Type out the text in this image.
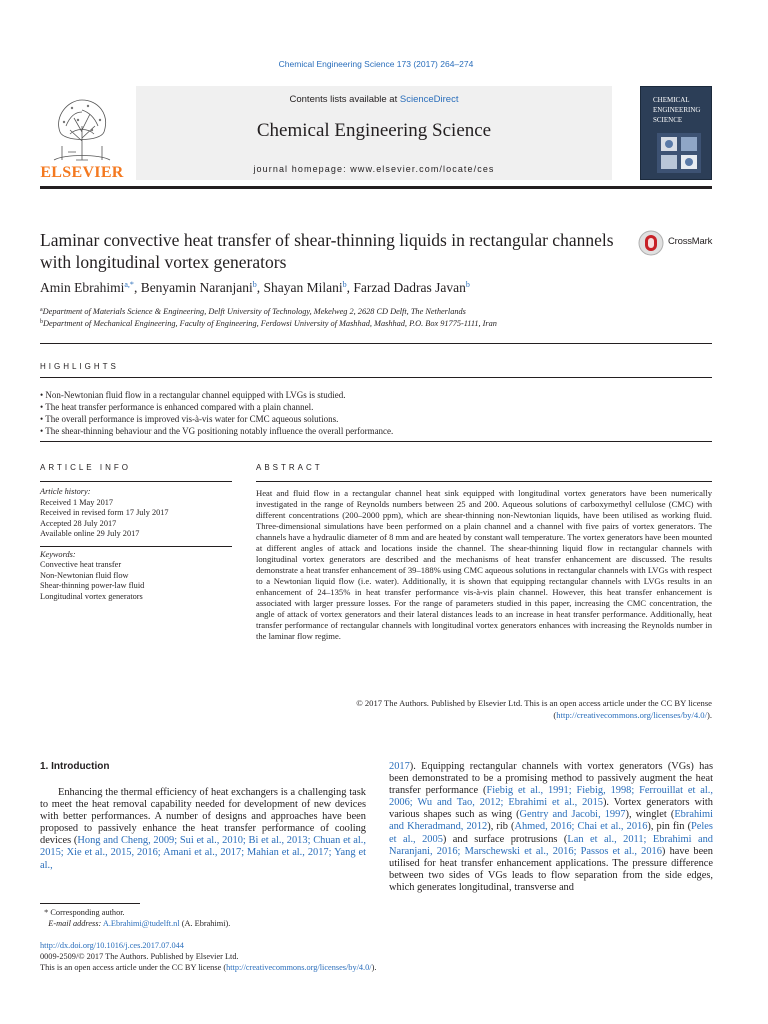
Chemical Engineering Science 173 (2017) 264–274
ELSEVIER
Contents lists available at ScienceDirect
Chemical Engineering Science
journal homepage: www.elsevier.com/locate/ces
CHEMICAL ENGINEERING SCIENCE
Laminar convective heat transfer of shear-thinning liquids in rectangular channels with longitudinal vortex generators
CrossMark
Amin Ebrahimi$^{a,*}$, Benyamin Naranjani$^b$, Shayan Milani$^b$, Farzad Dadras Javan$^b$
$^a$Department of Materials Science & Engineering, Delft University of Technology, Mekelweg 2, 2628 CD Delft, The Netherlands
$^b$Department of Mechanical Engineering, Faculty of Engineering, Ferdowsi University of Mashhad, Mashhad, P.O. Box 91775-1111, Iran
HIGHLIGHTS
• Non-Newtonian fluid flow in a rectangular channel equipped with LVGs is studied.
• The heat transfer performance is enhanced compared with a plain channel.
• The overall performance is improved vis-à-vis water for CMC aqueous solutions.
• The shear-thinning behaviour and the VG positioning notably influence the overall performance.
ARTICLE INFO	ABSTRACT
Article history:
Received 1 May 2017
Received in revised form 17 July 2017
Accepted 28 July 2017
Available online 29 July 2017
Keywords:
Convective heat transfer
Non-Newtonian fluid flow
Shear-thinning power-law fluid
Longitudinal vortex generators
Heat and fluid flow in a rectangular channel heat sink equipped with longitudinal vortex generators have been numerically investigated in the range of Reynolds numbers between 25 and 200. Aqueous solutions of carboxymethyl cellulose (CMC) with different concentrations (200–2000 ppm), which are shear-thinning non-Newtonian liquids, have been utilised as working fluid. Three-dimensional simulations have been performed on a plain channel and a channel with five pairs of vortex generators. The channels have a hydraulic diameter of 8 mm and are heated by constant wall temperature. The vortex generators have been mounted at different angles of attack and locations inside the channel. The shear-thinning liquid flow in rectangular channels with longitudinal vortex generators are described and the mechanisms of heat transfer enhancement are discussed. The results demonstrate a heat transfer enhancement of 39–188% using CMC aqueous solutions in rectangular channels with LVGs with respect to a Newtonian liquid flow (i.e. water). Additionally, it is shown that equipping rectangular channels with LVGs results in an enhancement of 24–135% in heat transfer performance vis-à-vis plain channel. However, this heat transfer enhancement is associated with larger pressure losses. For the range of parameters studied in this paper, increasing the CMC concentration, the angle of attack of vortex generators and their lateral distances leads to an increase in heat transfer performance. Additionally, heat transfer performance of rectangular channels with longitudinal vortex generators enhances with increasing the Reynolds number in the laminar flow regime.
© 2017 The Authors. Published by Elsevier Ltd. This is an open access article under the CC BY license (http://creativecommons.org/licenses/by/4.0/).
1. Introduction
Enhancing the thermal efficiency of heat exchangers is a challenging task to meet the heat removal capability needed for development of new devices with better performances. A number of designs and approaches have been proposed to passively enhance the heat transfer performance of cooling devices (Hong and Cheng, 2009; Sui et al., 2010; Bi et al., 2013; Chuan et al., 2015; Xie et al., 2015, 2016; Amani et al., 2017; Mahian et al., 2017; Yang et al.,
2017). Equipping rectangular channels with vortex generators (VGs) has been demonstrated to be a promising method to passively augment the heat transfer performance (Fiebig et al., 1991; Fiebig, 1998; Ferrouillat et al., 2006; Wu and Tao, 2012; Ebrahimi et al., 2015). Vortex generators with various shapes such as wing (Gentry and Jacobi, 1997), winglet (Ebrahimi and Kheradmand, 2012), rib (Ahmed, 2016; Chai et al., 2016), pin fin (Peles et al., 2005) and surface protrusions (Lan et al., 2011; Ebrahimi and Naranjani, 2016; Marschewski et al., 2016; Passos et al., 2016) have been utilised for heat transfer enhancement applications. The pressure difference between two sides of VGs leads to flow separation from the side edges, which generates longitudinal, transverse and
* Corresponding author.
E-mail address: A.Ebrahimi@tudelft.nl (A. Ebrahimi).
http://dx.doi.org/10.1016/j.ces.2017.07.044
0009-2509/© 2017 The Authors. Published by Elsevier Ltd.
This is an open access article under the CC BY license (http://creativecommons.org/licenses/by/4.0/).
